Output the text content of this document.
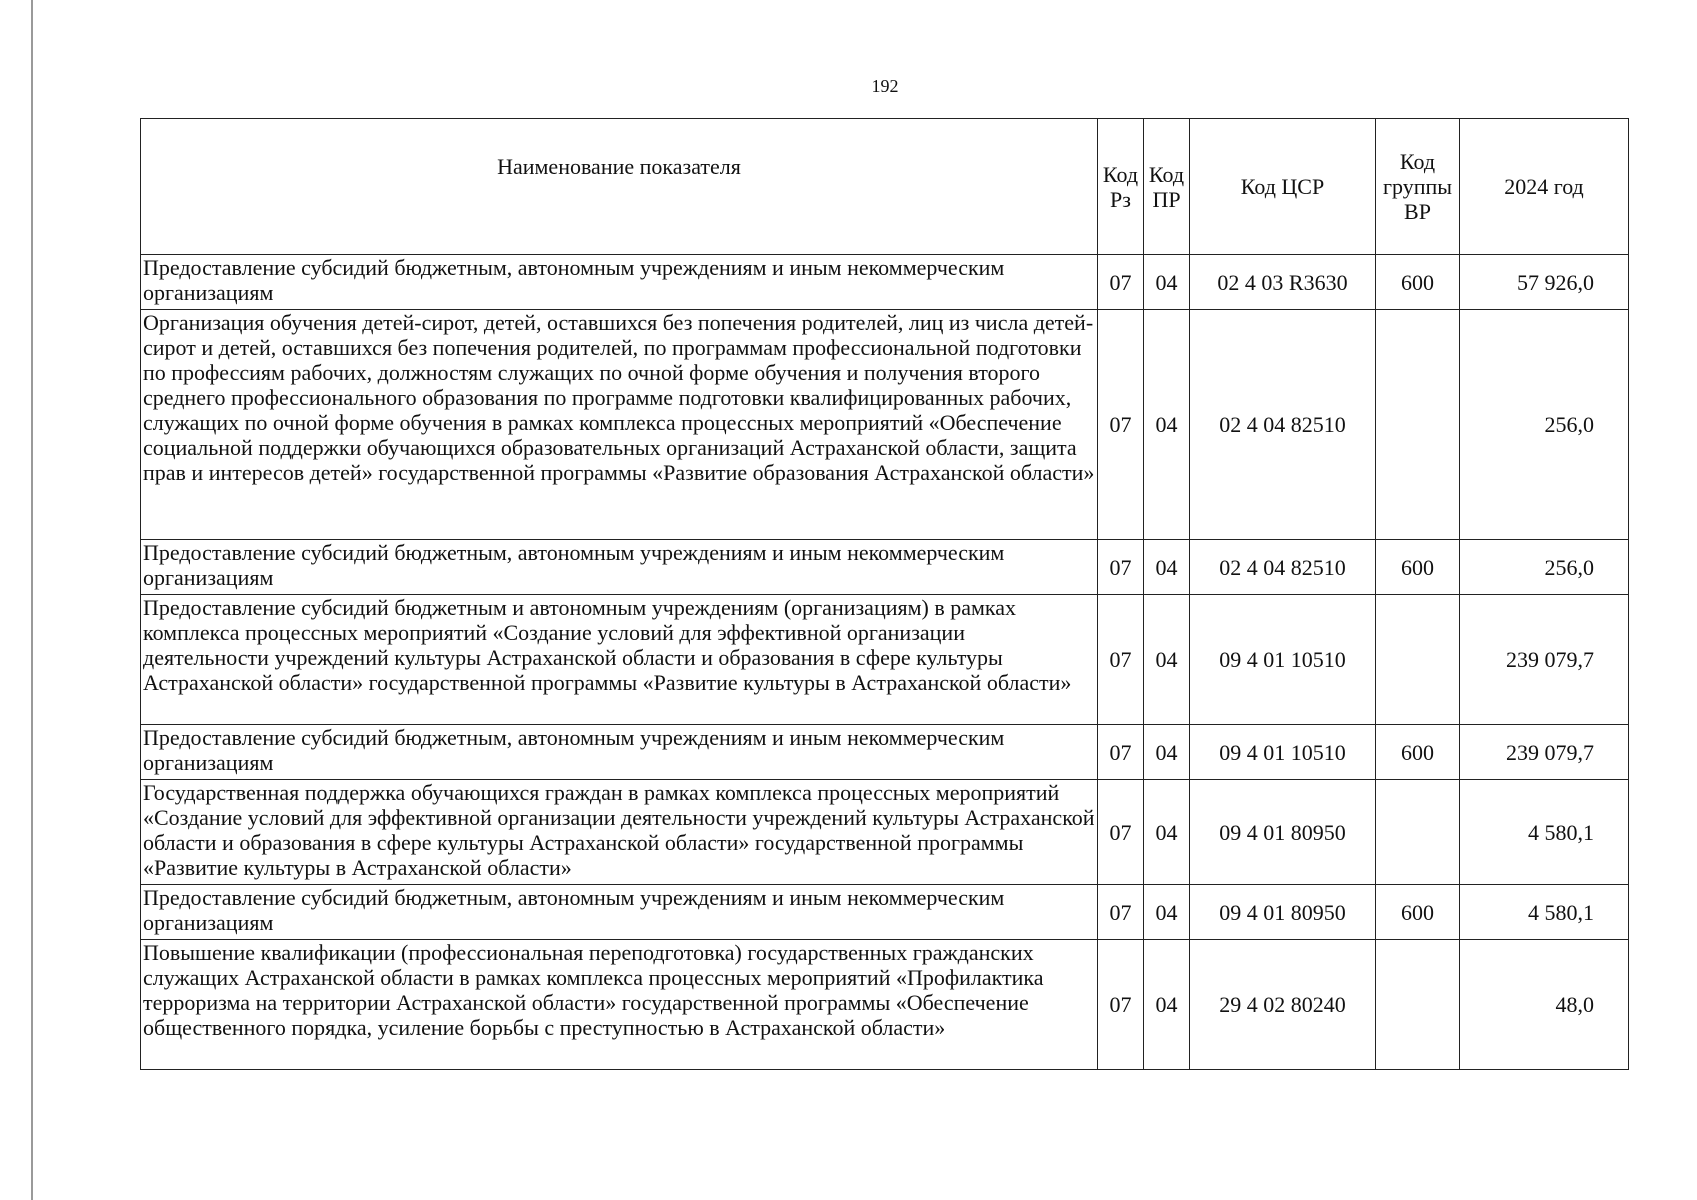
192
Наименование показателя	Код Рз	Код ПР	Код ЦСР	Код группы ВР	2024 год
Предоставление субсидий бюджетным, автономным учреждениям и иным некоммерческим организациям	07	04	02 4 03 R3630	600	57 926,0
Организация обучения детей-сирот, детей, оставшихся без попечения родителей, лиц из числа детей-сирот и детей, оставшихся без попечения родителей, по программам профессиональной подготовки по профессиям рабочих, должностям служащих по очной форме обучения и получения второго среднего профессионального образования по программе подготовки квалифицированных рабочих, служащих по очной форме обучения в рамках комплекса процессных мероприятий «Обеспечение социальной поддержки обучающихся образовательных организаций Астраханской области, защита прав и интересов детей» государственной программы «Развитие образования Астраханской области»	07	04	02 4 04 82510		256,0
Предоставление субсидий бюджетным, автономным учреждениям и иным некоммерческим организациям	07	04	02 4 04 82510	600	256,0
Предоставление субсидий бюджетным и автономным учреждениям (организациям) в рамках комплекса процессных мероприятий «Создание условий для эффективной организации деятельности учреждений культуры Астраханской области и образования в сфере культуры Астраханской области» государственной программы «Развитие культуры в Астраханской области»	07	04	09 4 01 10510		239 079,7
Предоставление субсидий бюджетным, автономным учреждениям и иным некоммерческим организациям	07	04	09 4 01 10510	600	239 079,7
Государственная поддержка обучающихся граждан в рамках комплекса процессных мероприятий «Создание условий для эффективной организации деятельности учреждений культуры Астраханской области и образования в сфере культуры Астраханской области» государственной программы «Развитие культуры в Астраханской области»	07	04	09 4 01 80950		4 580,1
Предоставление субсидий бюджетным, автономным учреждениям и иным некоммерческим организациям	07	04	09 4 01 80950	600	4 580,1
Повышение квалификации (профессиональная переподготовка) государственных гражданских служащих Астраханской области в рамках комплекса процессных мероприятий «Профилактика терроризма на территории Астраханской области» государственной программы «Обеспечение общественного порядка, усиление борьбы с преступностью в Астраханской области»	07	04	29 4 02 80240		48,0
